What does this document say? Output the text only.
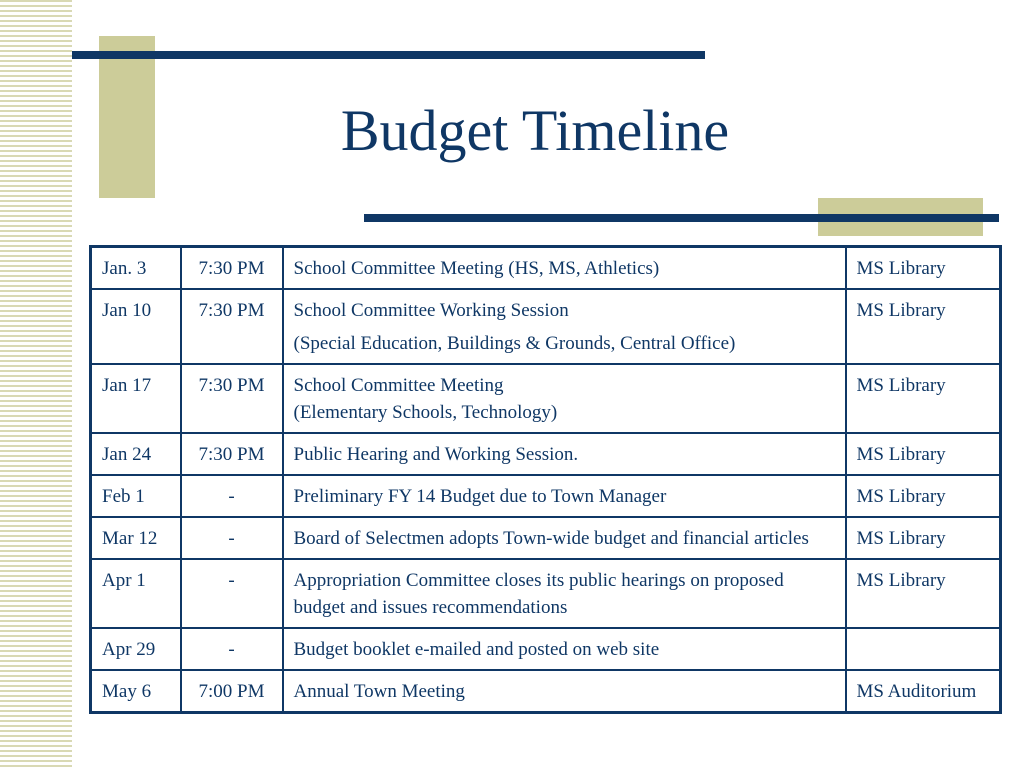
Budget Timeline
Jan. 3	7:30 PM	School Committee Meeting (HS, MS, Athletics)	MS Library
Jan 10	7:30 PM	School Committee Working Session
(Special Education, Buildings & Grounds, Central Office)	MS Library
Jan 17	7:30 PM	School Committee Meeting
(Elementary Schools, Technology)	MS Library
Jan 24	7:30 PM	Public Hearing and Working Session.	MS Library
Feb 1	-	Preliminary FY 14 Budget due to Town Manager	MS Library
Mar 12	-	Board of Selectmen adopts Town-wide budget and financial articles	MS Library
Apr 1	-	Appropriation Committee closes its public hearings on proposed budget and issues recommendations	MS Library
Apr 29	-	Budget booklet e-mailed and posted on web site	

May 6	7:00 PM	Annual Town Meeting	MS Auditorium
